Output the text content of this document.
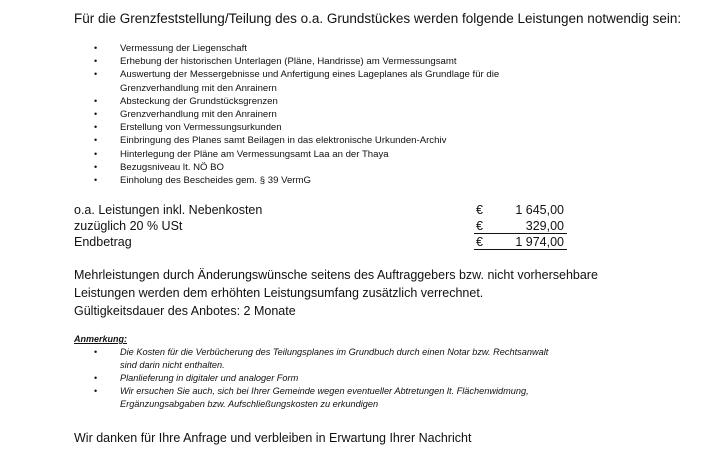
Für die Grenzfeststellung/Teilung des o.a. Grundstückes werden folgende Leistungen notwendig sein:
• Vermessung der Liegenschaft
• Erhebung der historischen Unterlagen (Pläne, Handrisse) am Vermessungsamt
• Auswertung der Messergebnisse und Anfertigung eines Lageplanes als Grundlage für die
Grenzverhandlung mit den Anrainern
• Absteckung der Grundstücksgrenzen
• Grenzverhandlung mit den Anrainern
• Erstellung von Vermessungsurkunden
• Einbringung des Planes samt Beilagen in das elektronische Urkunden-Archiv
• Hinterlegung der Pläne am Vermessungsamt Laa an der Thaya
• Bezugsniveau lt. NÖ BO
• Einholung des Bescheides gem. § 39 VermG
o.a. Leistungen inkl. Nebenkosten	€	1 645,00
zuzüglich 20 % USt	€	329,00
Endbetrag	€	1 974,00
Mehrleistungen durch Änderungswünsche seitens des Auftraggebers bzw. nicht vorhersehbare
Leistungen werden dem erhöhten Leistungsumfang zusätzlich verrechnet.
Gültigkeitsdauer des Anbotes: 2 Monate
Anmerkung:
• Die Kosten für die Verbücherung des Teilungsplanes im Grundbuch durch einen Notar bzw. Rechtsanwalt
sind darin nicht enthalten.
• Planlieferung in digitaler und analoger Form
• Wir ersuchen Sie auch, sich bei Ihrer Gemeinde wegen eventueller Abtretungen lt. Flächenwidmung,
Ergänzungsabgaben bzw. Aufschließungskosten zu erkundigen
Wir danken für Ihre Anfrage und verbleiben in Erwartung Ihrer Nachricht
